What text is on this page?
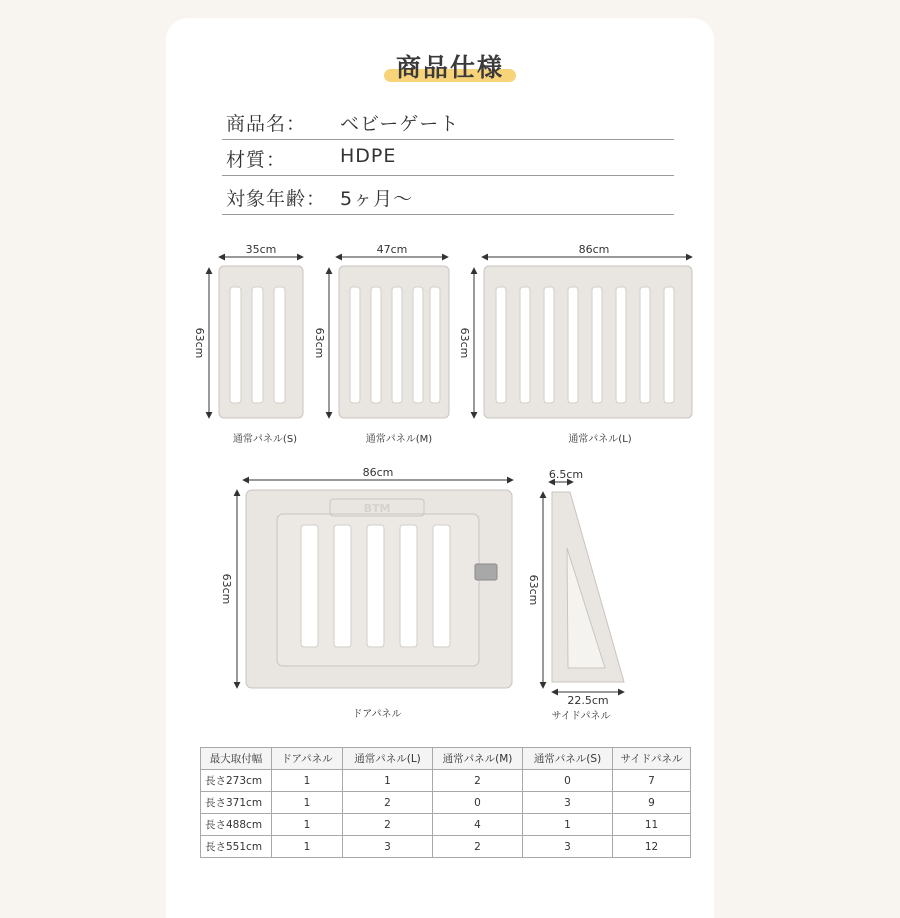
商品仕様
商品名： ベビーゲート
材質：	HDPE
対象年齢： 5ヶ月〜
35cm
63cm
通常パネル(S)
47cm
63cm
通常パネル(M)
86cm
63cm
通常パネル(L)
86cm
63cm
BTM
ドアパネル
6.5cm
63cm
22.5cm
サイドパネル
最大取付幅	ドアパネル	通常パネル(L)	通常パネル(M)	通常パネル(S)	サイドパネル
長さ273cm	1	1	2	0	7
長さ371cm	1	2	0	3	9
長さ488cm	1	2	4	1	11
長さ551cm	1	3	2	3	12
